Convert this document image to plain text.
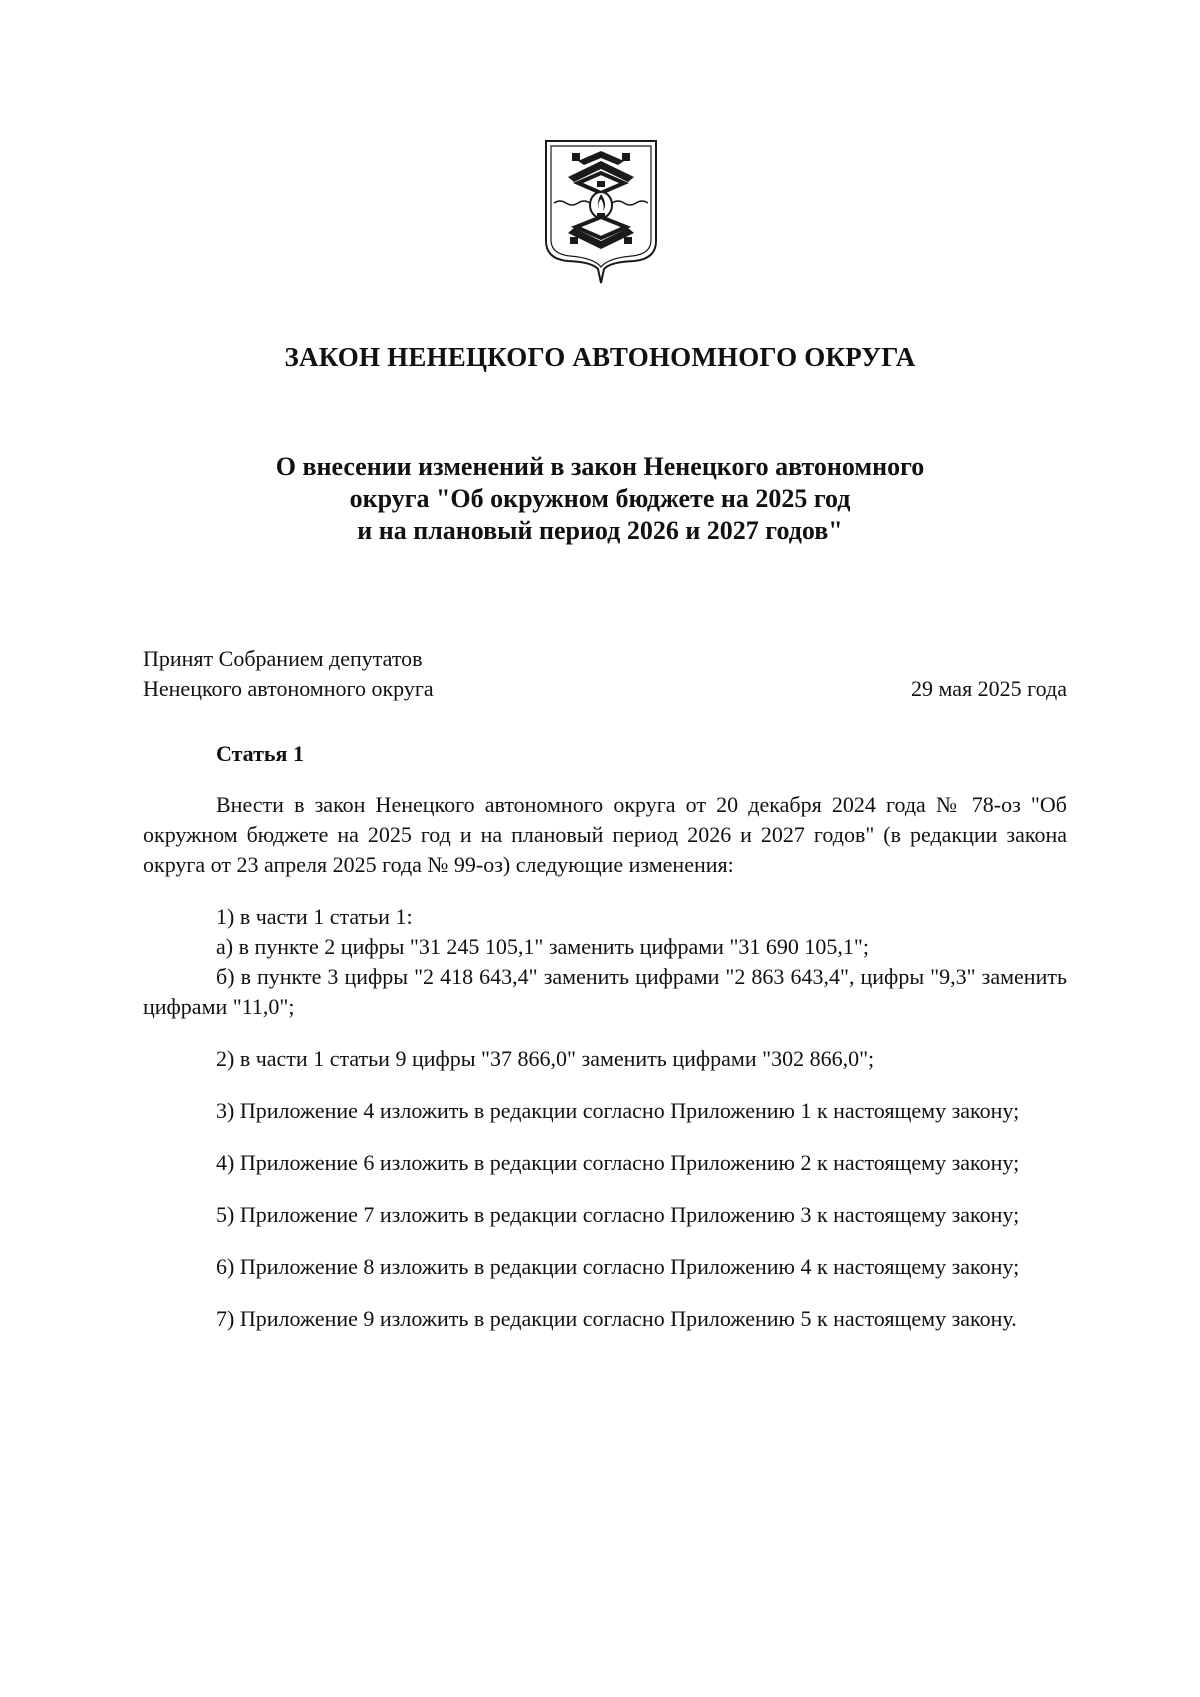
ЗАКОН НЕНЕЦКОГО АВТОНОМНОГО ОКРУГА
О внесении изменений в закон Ненецкого автономного
округа "Об окружном бюджете на 2025 год
и на плановый период 2026 и 2027 годов"
Принят Собранием депутатов
Ненецкого автономного округа	29 мая 2025 года
Статья 1

Внести в закон Ненецкого автономного округа от 20 декабря 2024 года № 78-оз "Об окружном бюджете на 2025 год и на плановый период 2026 и 2027 годов" (в редакции закона округа от 23 апреля 2025 года № 99-оз) следующие изменения:

1) в части 1 статьи 1:

а) в пункте 2 цифры "31 245 105,1" заменить цифрами "31 690 105,1";

б) в пункте 3 цифры "2 418 643,4" заменить цифрами "2 863 643,4", цифры "9,3" заменить цифрами "11,0";

2) в части 1 статьи 9 цифры "37 866,0" заменить цифрами "302 866,0";

3) Приложение 4 изложить в редакции согласно Приложению 1 к настоящему закону;

4) Приложение 6 изложить в редакции согласно Приложению 2 к настоящему закону;

5) Приложение 7 изложить в редакции согласно Приложению 3 к настоящему закону;

6) Приложение 8 изложить в редакции согласно Приложению 4 к настоящему закону;

7) Приложение 9 изложить в редакции согласно Приложению 5 к настоящему закону.
